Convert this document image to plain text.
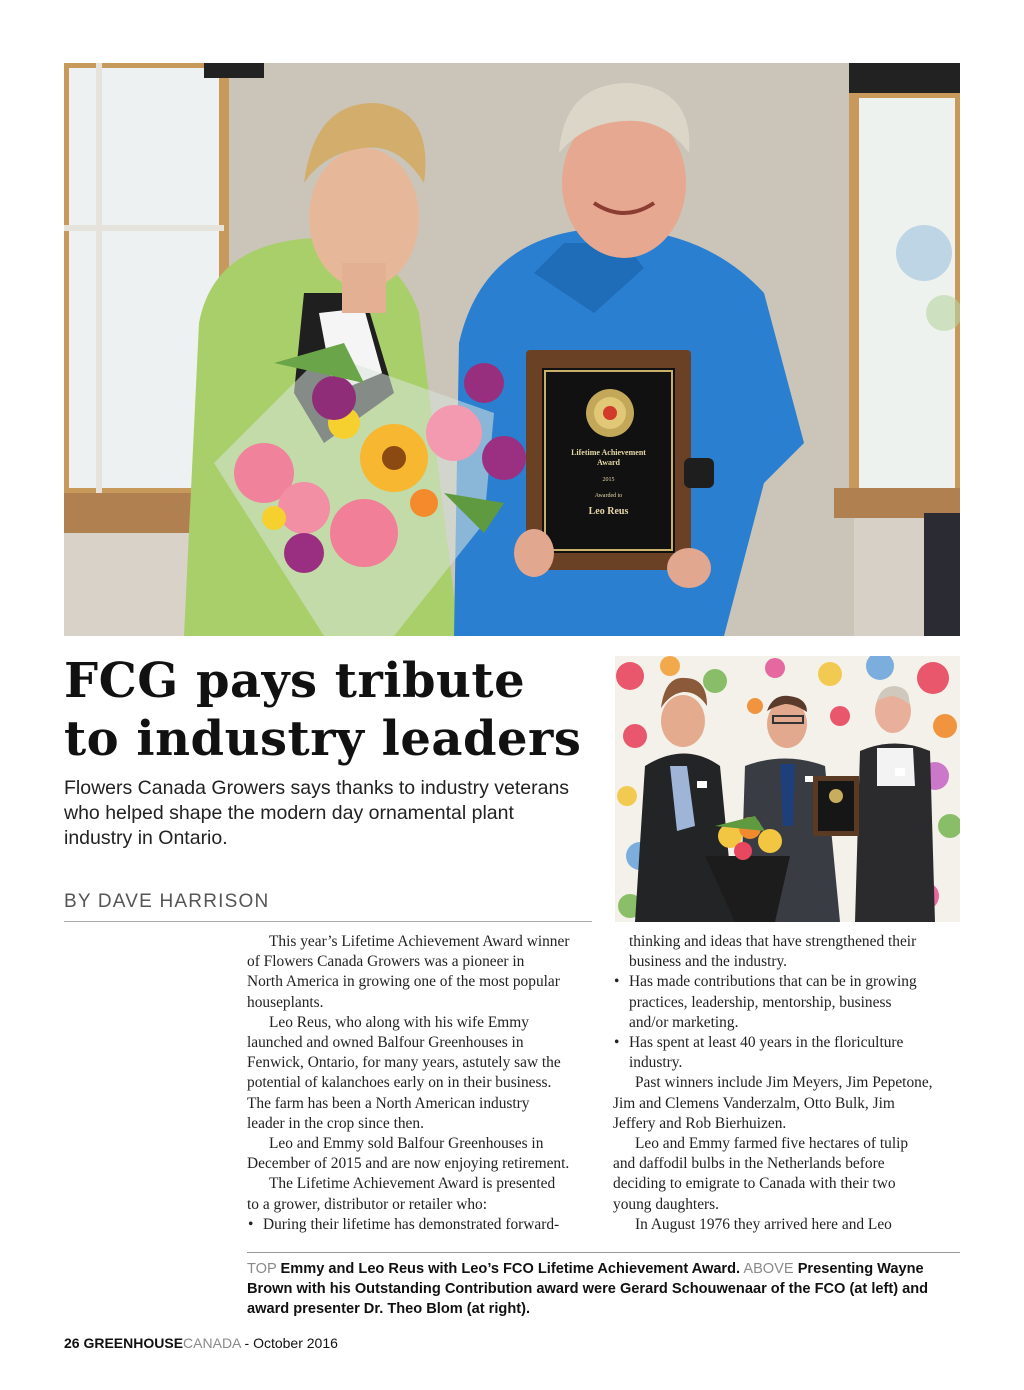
Lifetime Achievement
Award
2015
Awarded to
Leo Reus
FCG pays tribute
to industry leaders

Flowers Canada Growers says thanks to industry veterans
who helped shape the modern day ornamental plant
industry in Ontario.

BY DAVE HARRISON
This year’s Lifetime Achievement Award winner
of Flowers Canada Growers was a pioneer in
North America in growing one of the most popular
houseplants.
Leo Reus, who along with his wife Emmy
launched and owned Balfour Greenhouses in
Fenwick, Ontario, for many years, astutely saw the
potential of kalanchoes early on in their business.
The farm has been a North American industry
leader in the crop since then.
Leo and Emmy sold Balfour Greenhouses in
December of 2015 and are now enjoying retirement.
The Lifetime Achievement Award is presented
to a grower, distributor or retailer who:
• During their lifetime has demonstrated forward-
thinking and ideas that have strengthened their
business and the industry.
• Has made contributions that can be in growing
practices, leadership, mentorship, business
and/or marketing.
• Has spent at least 40 years in the floriculture
industry.
Past winners include Jim Meyers, Jim Pepetone,
Jim and Clemens Vanderzalm, Otto Bulk, Jim
Jeffery and Rob Bierhuizen.
Leo and Emmy farmed five hectares of tulip
and daffodil bulbs in the Netherlands before
deciding to emigrate to Canada with their two
young daughters.
In August 1976 they arrived here and Leo
TOP Emmy and Leo Reus with Leo’s FCO Lifetime Achievement Award. ABOVE Presenting Wayne
Brown with his Outstanding Contribution award were Gerard Schouwenaar of the FCO (at left) and
award presenter Dr. Theo Blom (at right).
26 GREENHOUSECANADA - October 2016
